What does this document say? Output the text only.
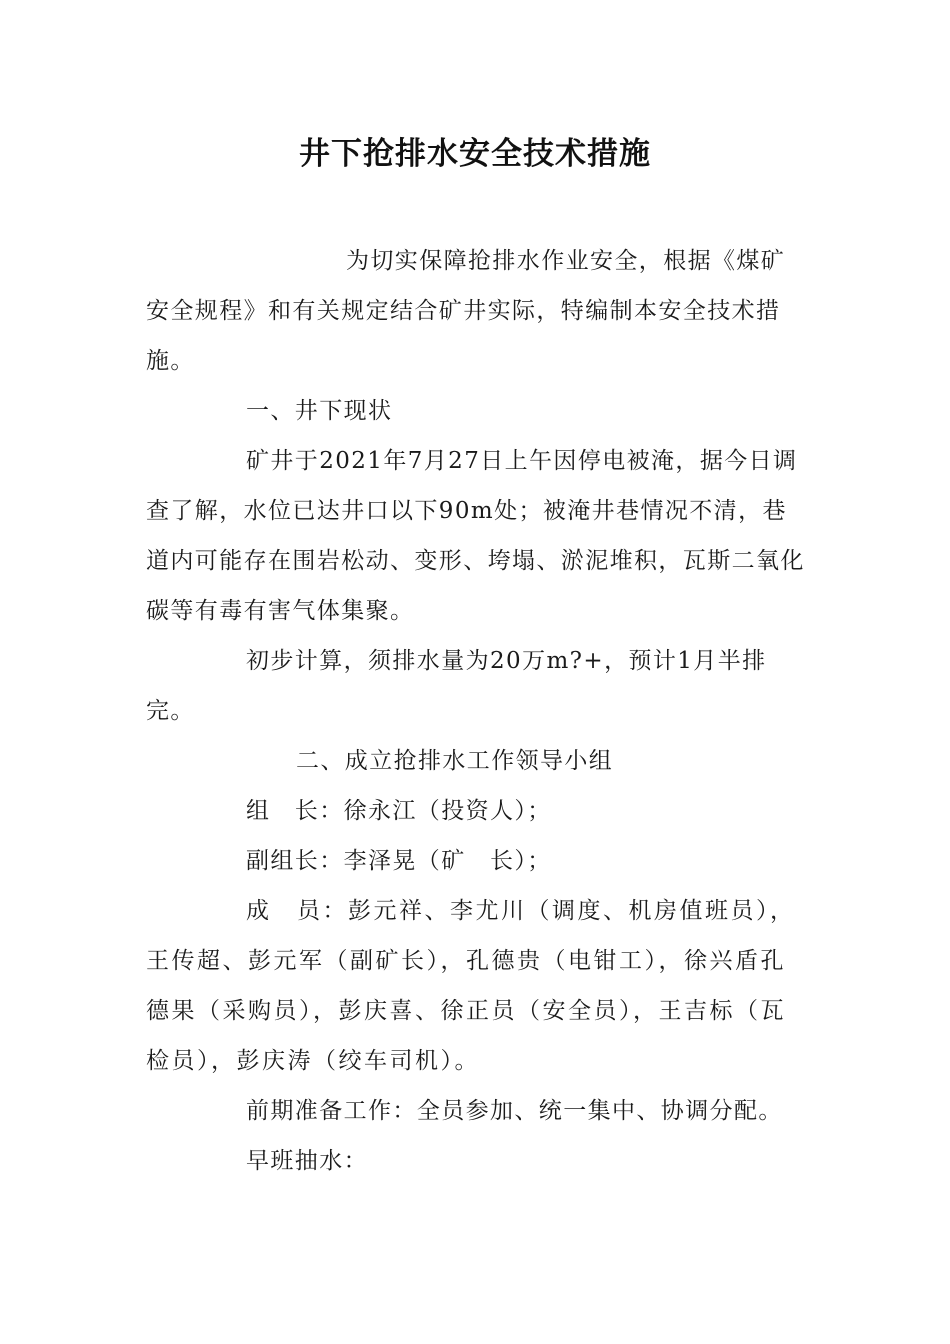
井下抢排水安全技术措施

为切实保障抢排水作业安全，根据《煤矿安全规程》和有关规定结合矿井实际，特编制本安全技术措施。

一、井下现状

矿井于2021年7月27日上午因停电被淹，据今日调查了解，水位已达井口以下90m处；被淹井巷情况不清，巷道内可能存在围岩松动、变形、垮塌、淤泥堆积，瓦斯二氧化碳等有毒有害气体集聚。

初步计算，须排水量为20万m?+，预计1月半排完。

二、成立抢排水工作领导小组

组　长：徐永江（投资人）；

副组长：李泽晃（矿　长）；

成　员：彭元祥、李尤川（调度、机房值班员），王传超、彭元军（副矿长），孔德贵（电钳工），徐兴盾孔德果（采购员），彭庆喜、徐正员（安全员），王吉标（瓦检员），彭庆涛（绞车司机）。

前期准备工作：全员参加、统一集中、协调分配。

早班抽水：
